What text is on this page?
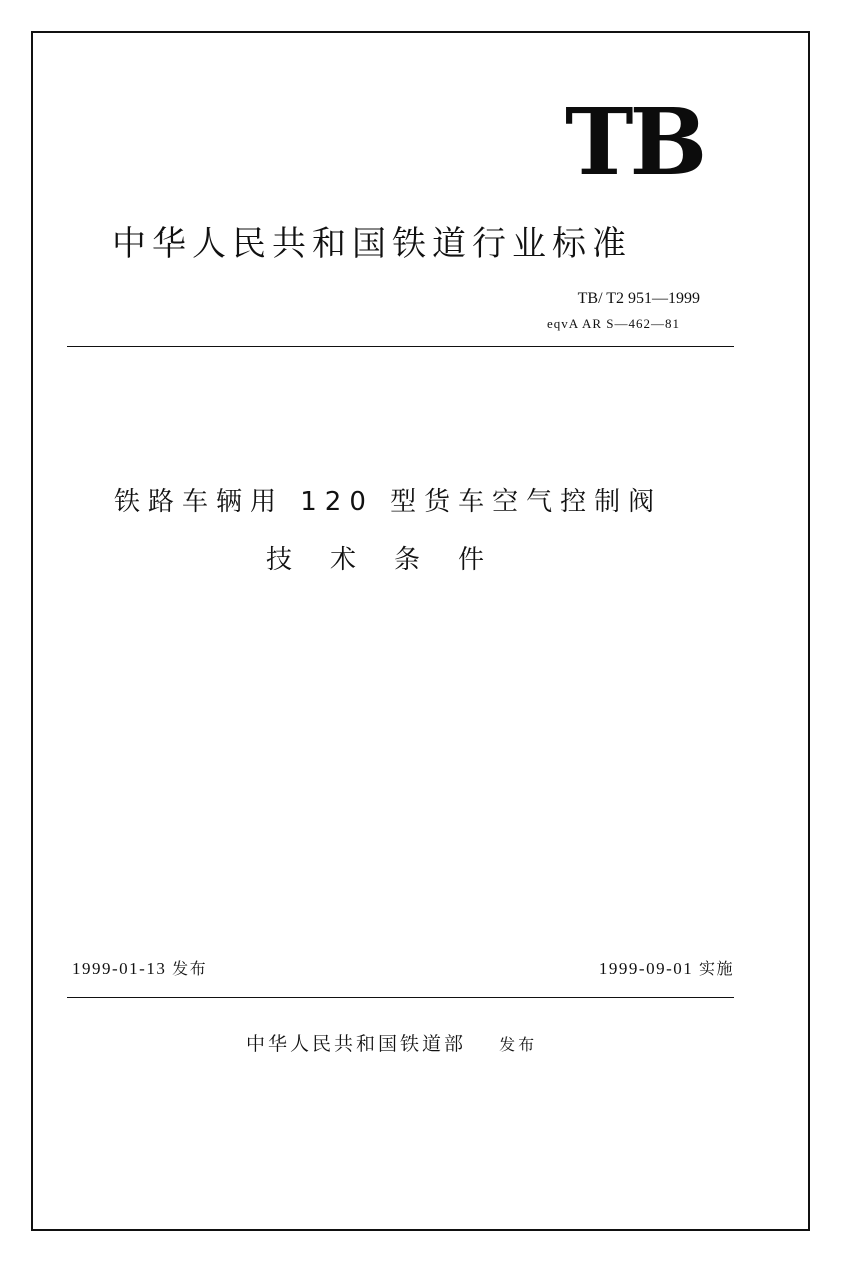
TB
中华人民共和国铁道行业标准
TB/ T2 951—1999
eqvA AR S—462—81
铁路车辆用 120 型货车空气控制阀
技术条件
1999-01-13 发布	1999-09-01 实施
中华人民共和国铁道部 发布
